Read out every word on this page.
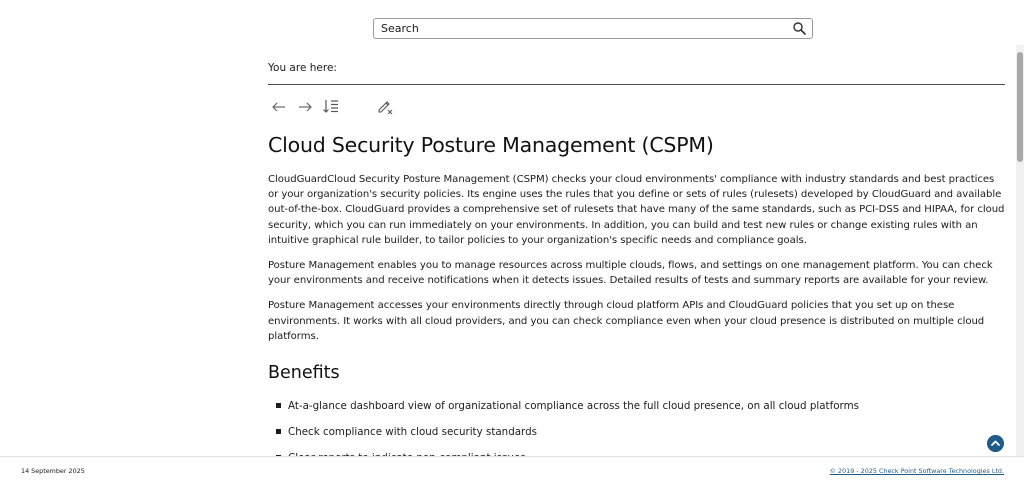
Search
You are here:
Cloud Security Posture Management (CSPM)

CloudGuardCloud Security Posture Management (CSPM) checks your cloud environments' compliance with industry standards and best practices or your organization's security policies. Its engine uses the rules that you define or sets of rules (rulesets) developed by CloudGuard and available out-of-the-box. CloudGuard provides a comprehensive set of rulesets that have many of the same standards, such as PCI-DSS and HIPAA, for cloud security, which you can run immediately on your environments. In addition, you can build and test new rules or change existing rules with an intuitive graphical rule builder, to tailor policies to your organization's specific needs and compliance goals.

Posture Management enables you to manage resources across multiple clouds, flows, and settings on one management platform. You can check your environments and receive notifications when it detects issues. Detailed results of tests and summary reports are available for your review.

Posture Management accesses your environments directly through cloud platform APIs and CloudGuard policies that you set up on these environments. It works with all cloud providers, and you can check compliance even when your cloud presence is distributed on multiple cloud platforms.

Benefits
At-a-glance dashboard view of organizational compliance across the full cloud presence, on all cloud platforms
Check compliance with cloud security standards
14 September 2025	© 2019 - 2025 Check Point Software Technologies Ltd.
